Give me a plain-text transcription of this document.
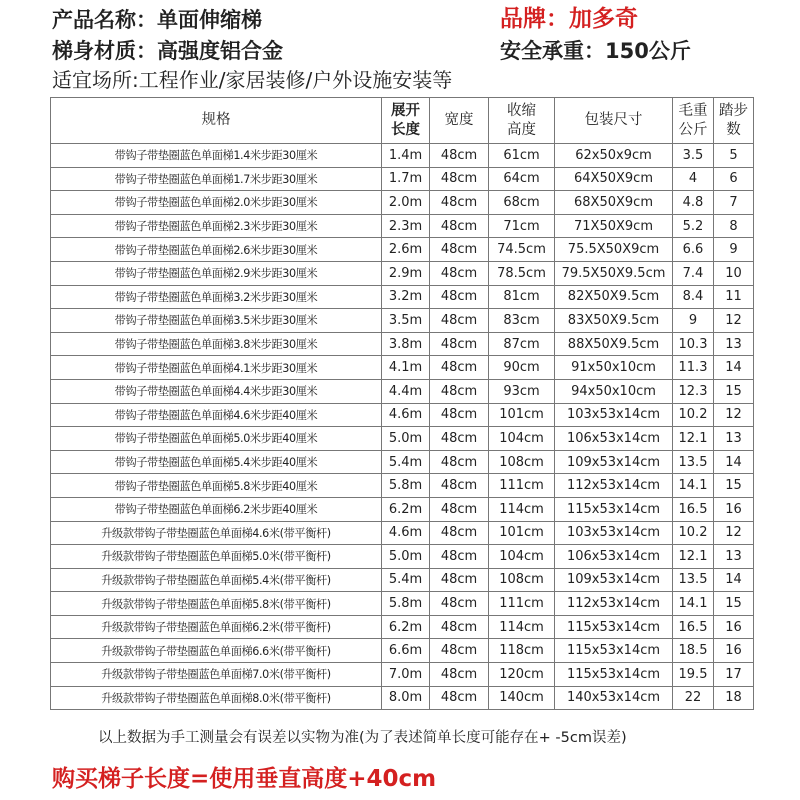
产品名称：单面伸缩梯	品牌：加多奇
梯身材质：高强度铝合金	安全承重：150公斤
适宜场所:工程作业/家居装修/户外设施安装等
规格	展开长度	宽度	收缩高度	包装尺寸	毛重公斤	踏步数

带钩子带垫圈蓝色单面梯1.4米步距30厘米	1.4m	48cm	61cm	62x50x9cm	3.5	5
带钩子带垫圈蓝色单面梯1.7米步距30厘米	1.7m	48cm	64cm	64X50X9cm	4	6
带钩子带垫圈蓝色单面梯2.0米步距30厘米	2.0m	48cm	68cm	68X50X9cm	4.8	7
带钩子带垫圈蓝色单面梯2.3米步距30厘米	2.3m	48cm	71cm	71X50X9cm	5.2	8
带钩子带垫圈蓝色单面梯2.6米步距30厘米	2.6m	48cm	74.5cm	75.5X50X9cm	6.6	9
带钩子带垫圈蓝色单面梯2.9米步距30厘米	2.9m	48cm	78.5cm	79.5X50X9.5cm	7.4	10
带钩子带垫圈蓝色单面梯3.2米步距30厘米	3.2m	48cm	81cm	82X50X9.5cm	8.4	11
带钩子带垫圈蓝色单面梯3.5米步距30厘米	3.5m	48cm	83cm	83X50X9.5cm	9	12
带钩子带垫圈蓝色单面梯3.8米步距30厘米	3.8m	48cm	87cm	88X50X9.5cm	10.3	13
带钩子带垫圈蓝色单面梯4.1米步距30厘米	4.1m	48cm	90cm	91x50x10cm	11.3	14
带钩子带垫圈蓝色单面梯4.4米步距30厘米	4.4m	48cm	93cm	94x50x10cm	12.3	15
带钩子带垫圈蓝色单面梯4.6米步距40厘米	4.6m	48cm	101cm	103x53x14cm	10.2	12
带钩子带垫圈蓝色单面梯5.0米步距40厘米	5.0m	48cm	104cm	106x53x14cm	12.1	13
带钩子带垫圈蓝色单面梯5.4米步距40厘米	5.4m	48cm	108cm	109x53x14cm	13.5	14
带钩子带垫圈蓝色单面梯5.8米步距40厘米	5.8m	48cm	111cm	112x53x14cm	14.1	15
带钩子带垫圈蓝色单面梯6.2米步距40厘米	6.2m	48cm	114cm	115x53x14cm	16.5	16
升级款带钩子带垫圈蓝色单面梯4.6米(带平衡杆)	4.6m	48cm	101cm	103x53x14cm	10.2	12
升级款带钩子带垫圈蓝色单面梯5.0米(带平衡杆)	5.0m	48cm	104cm	106x53x14cm	12.1	13
升级款带钩子带垫圈蓝色单面梯5.4米(带平衡杆)	5.4m	48cm	108cm	109x53x14cm	13.5	14
升级款带钩子带垫圈蓝色单面梯5.8米(带平衡杆)	5.8m	48cm	111cm	112x53x14cm	14.1	15
升级款带钩子带垫圈蓝色单面梯6.2米(带平衡杆)	6.2m	48cm	114cm	115x53x14cm	16.5	16
升级款带钩子带垫圈蓝色单面梯6.6米(带平衡杆)	6.6m	48cm	118cm	115x53x14cm	18.5	16
升级款带钩子带垫圈蓝色单面梯7.0米(带平衡杆)	7.0m	48cm	120cm	115x53x14cm	19.5	17
升级款带钩子带垫圈蓝色单面梯8.0米(带平衡杆)	8.0m	48cm	140cm	140x53x14cm	22	18
以上数据为手工测量会有误差以实物为准(为了表述简单长度可能存在+ -5cm误差)
购买梯子长度=使用垂直高度+40cm
